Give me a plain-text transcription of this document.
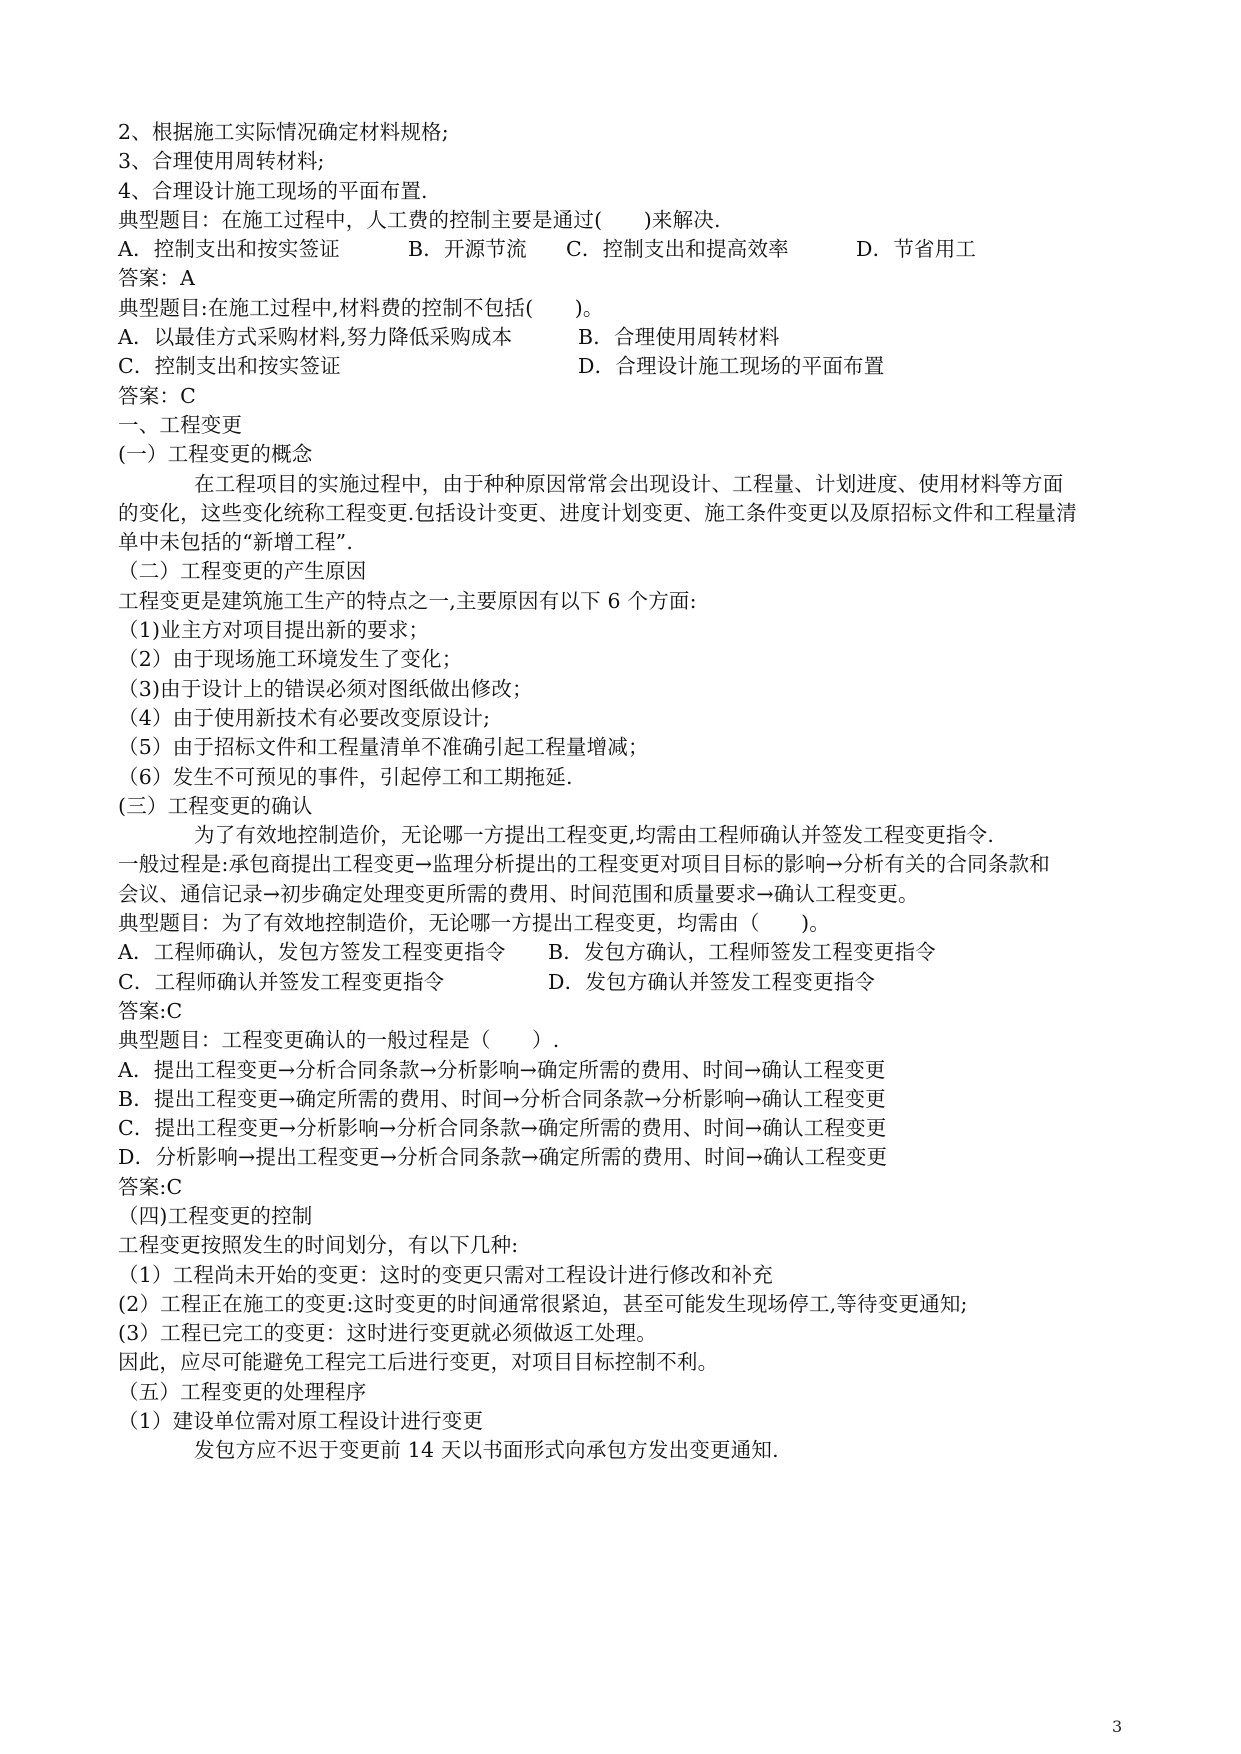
2、根据施工实际情况确定材料规格;
3、合理使用周转材料;
4、合理设计施工现场的平面布置.
典型题目：在施工过程中，人工费的控制主要是通过(　　)来解决.
A．控制支出和按实签证	B．开源节流 C．控制支出和提高效率	D．节省用工
答案：A
典型题目:在施工过程中,材料费的控制不包括(　　)。
A．以最佳方式采购材料,努力降低采购成本	B．合理使用周转材料
C．控制支出和按实签证	D．合理设计施工现场的平面布置
答案：C
一、工程变更
(一）工程变更的概念
在工程项目的实施过程中，由于种种原因常常会出现设计、工程量、计划进度、使用材料等方面
的变化，这些变化统称工程变更.包括设计变更、进度计划变更、施工条件变更以及原招标文件和工程量清
单中未包括的“新增工程”.
（二）工程变更的产生原因
工程变更是建筑施工生产的特点之一,主要原因有以下 6 个方面:
（1)业主方对项目提出新的要求；
（2）由于现场施工环境发生了变化；
（3)由于设计上的错误必须对图纸做出修改；
（4）由于使用新技术有必要改变原设计;
（5）由于招标文件和工程量清单不准确引起工程量增减；
（6）发生不可预见的事件，引起停工和工期拖延.
(三）工程变更的确认
为了有效地控制造价，无论哪一方提出工程变更,均需由工程师确认并签发工程变更指令.
一般过程是:承包商提出工程变更→监理分析提出的工程变更对项目目标的影响→分析有关的合同条款和
会议、通信记录→初步确定处理变更所需的费用、时间范围和质量要求→确认工程变更。
典型题目：为了有效地控制造价，无论哪一方提出工程变更，均需由（　　)。
A．工程师确认，发包方签发工程变更指令 B．发包方确认，工程师签发工程变更指令
C．工程师确认并签发工程变更指令	D．发包方确认并签发工程变更指令
答案:C
典型题目：工程变更确认的一般过程是（　　）.
A．提出工程变更→分析合同条款→分析影响→确定所需的费用、时间→确认工程变更
B．提出工程变更→确定所需的费用、时间→分析合同条款→分析影响→确认工程变更
C．提出工程变更→分析影响→分析合同条款→确定所需的费用、时间→确认工程变更
D．分析影响→提出工程变更→分析合同条款→确定所需的费用、时间→确认工程变更
答案:C
（四)工程变更的控制
工程变更按照发生的时间划分，有以下几种:
（1）工程尚未开始的变更：这时的变更只需对工程设计进行修改和补充
(2）工程正在施工的变更:这时变更的时间通常很紧迫，甚至可能发生现场停工,等待变更通知;
(3）工程已完工的变更：这时进行变更就必须做返工处理。
因此，应尽可能避免工程完工后进行变更，对项目目标控制不利。
（五）工程变更的处理程序
（1）建设单位需对原工程设计进行变更
发包方应不迟于变更前 14 天以书面形式向承包方发出变更通知.
3
